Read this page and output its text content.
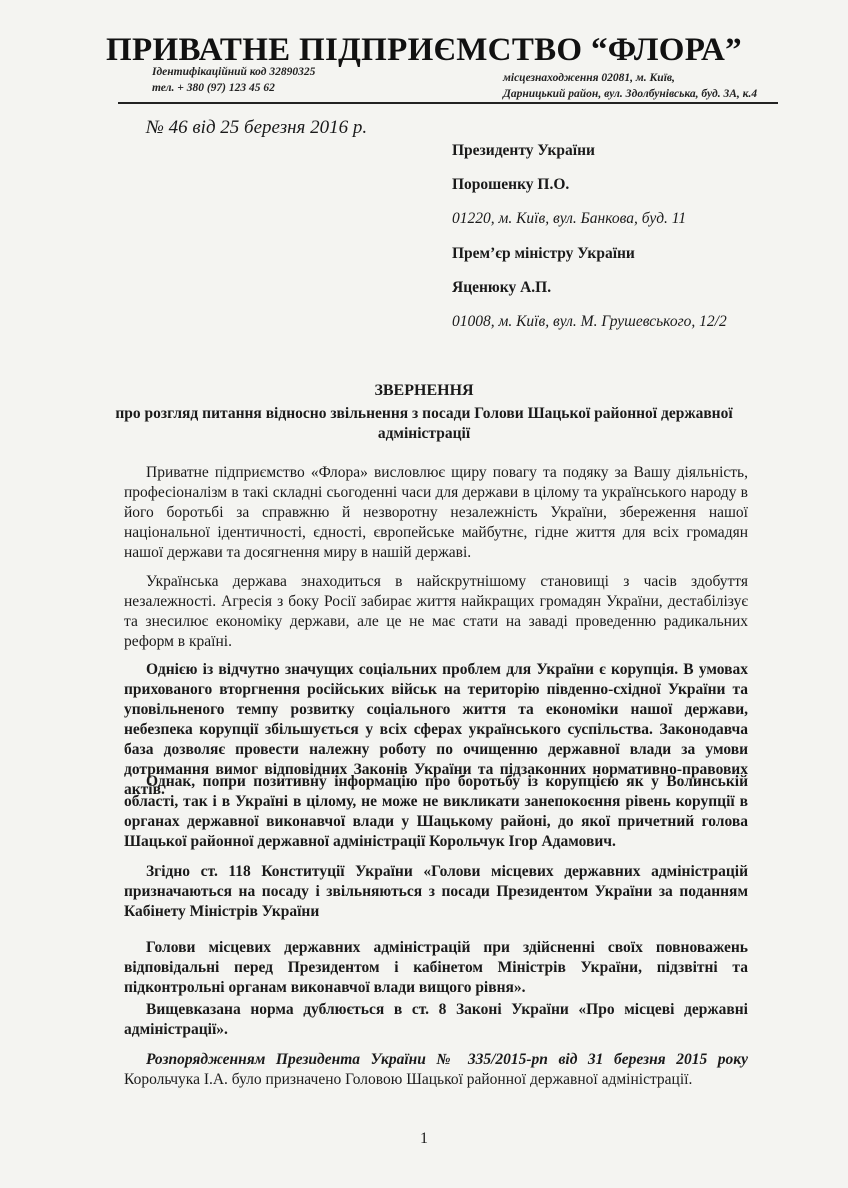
ПРИВАТНЕ ПІДПРИЄМСТВО “ФЛОРА”
Ідентифікаційний код 32890325
тел. + 380 (97) 123 45 62
місцезнаходження 02081, м. Київ,
Дарницький район, вул. Здолбунівська, буд. 3А, к.4
№ 46 від 25 березня 2016 р.
Президенту України
Порошенку П.О.
01220, м. Київ, вул. Банкова, буд. 11
Прем’єр міністру України
Яценюку А.П.
01008, м. Київ, вул. М. Грушевського, 12/2
ЗВЕРНЕННЯ
про розгляд питання відносно звільнення з посади Голови Шацької районної державної адміністрації
Приватне підприємство «Флора» висловлює щиру повагу та подяку за Вашу діяльність, професіоналізм в такі складні сьогоденні часи для держави в цілому та українського народу в його боротьбі за справжню й незворотну незалежність України, збереження нашої національної ідентичності, єдності, європейське майбутнє, гідне життя для всіх громадян нашої держави та досягнення миру в нашій державі.
Українська держава знаходиться в найскрутнішому становищі з часів здобуття незалежності. Агресія з боку Росії забирає життя найкращих громадян України, дестабілізує та знесилює економіку держави, але це не має стати на заваді проведенню радикальних реформ в країні.
Однією із відчутно значущих соціальних проблем для України є корупція. В умовах прихованого вторгнення російських військ на територію південно-східної України та уповільненого темпу розвитку соціального життя та економіки нашої держави, небезпека корупції збільшується у всіх сферах українського суспільства. Законодавча база дозволяє провести належну роботу по очищенню державної влади за умови дотримання вимог відповідних Законів України та підзаконних нормативно-правових актів.
Однак, попри позитивну інформацію про боротьбу із корупцією як у Волинській області, так і в Україні в цілому, не може не викликати занепокоєння рівень корупції в органах державної виконавчої влади у Шацькому районі, до якої причетний голова Шацької районної державної адміністрації Корольчук Ігор Адамович.
Згідно ст. 118 Конституції України «Голови місцевих державних адміністрацій призначаються на посаду і звільняються з посади Президентом України за поданням Кабінету Міністрів України
Голови місцевих державних адміністрацій при здійсненні своїх повноважень відповідальні перед Президентом і кабінетом Міністрів України, підзвітні та підконтрольні органам виконавчої влади вищого рівня».
Вищевказана норма дублюється в ст. 8 Законі України «Про місцеві державні адміністрації».
Розпорядженням Президента України № 335/2015-рп від 31 березня 2015 року Корольчука І.А. було призначено Головою Шацької районної державної адміністрації.
1
